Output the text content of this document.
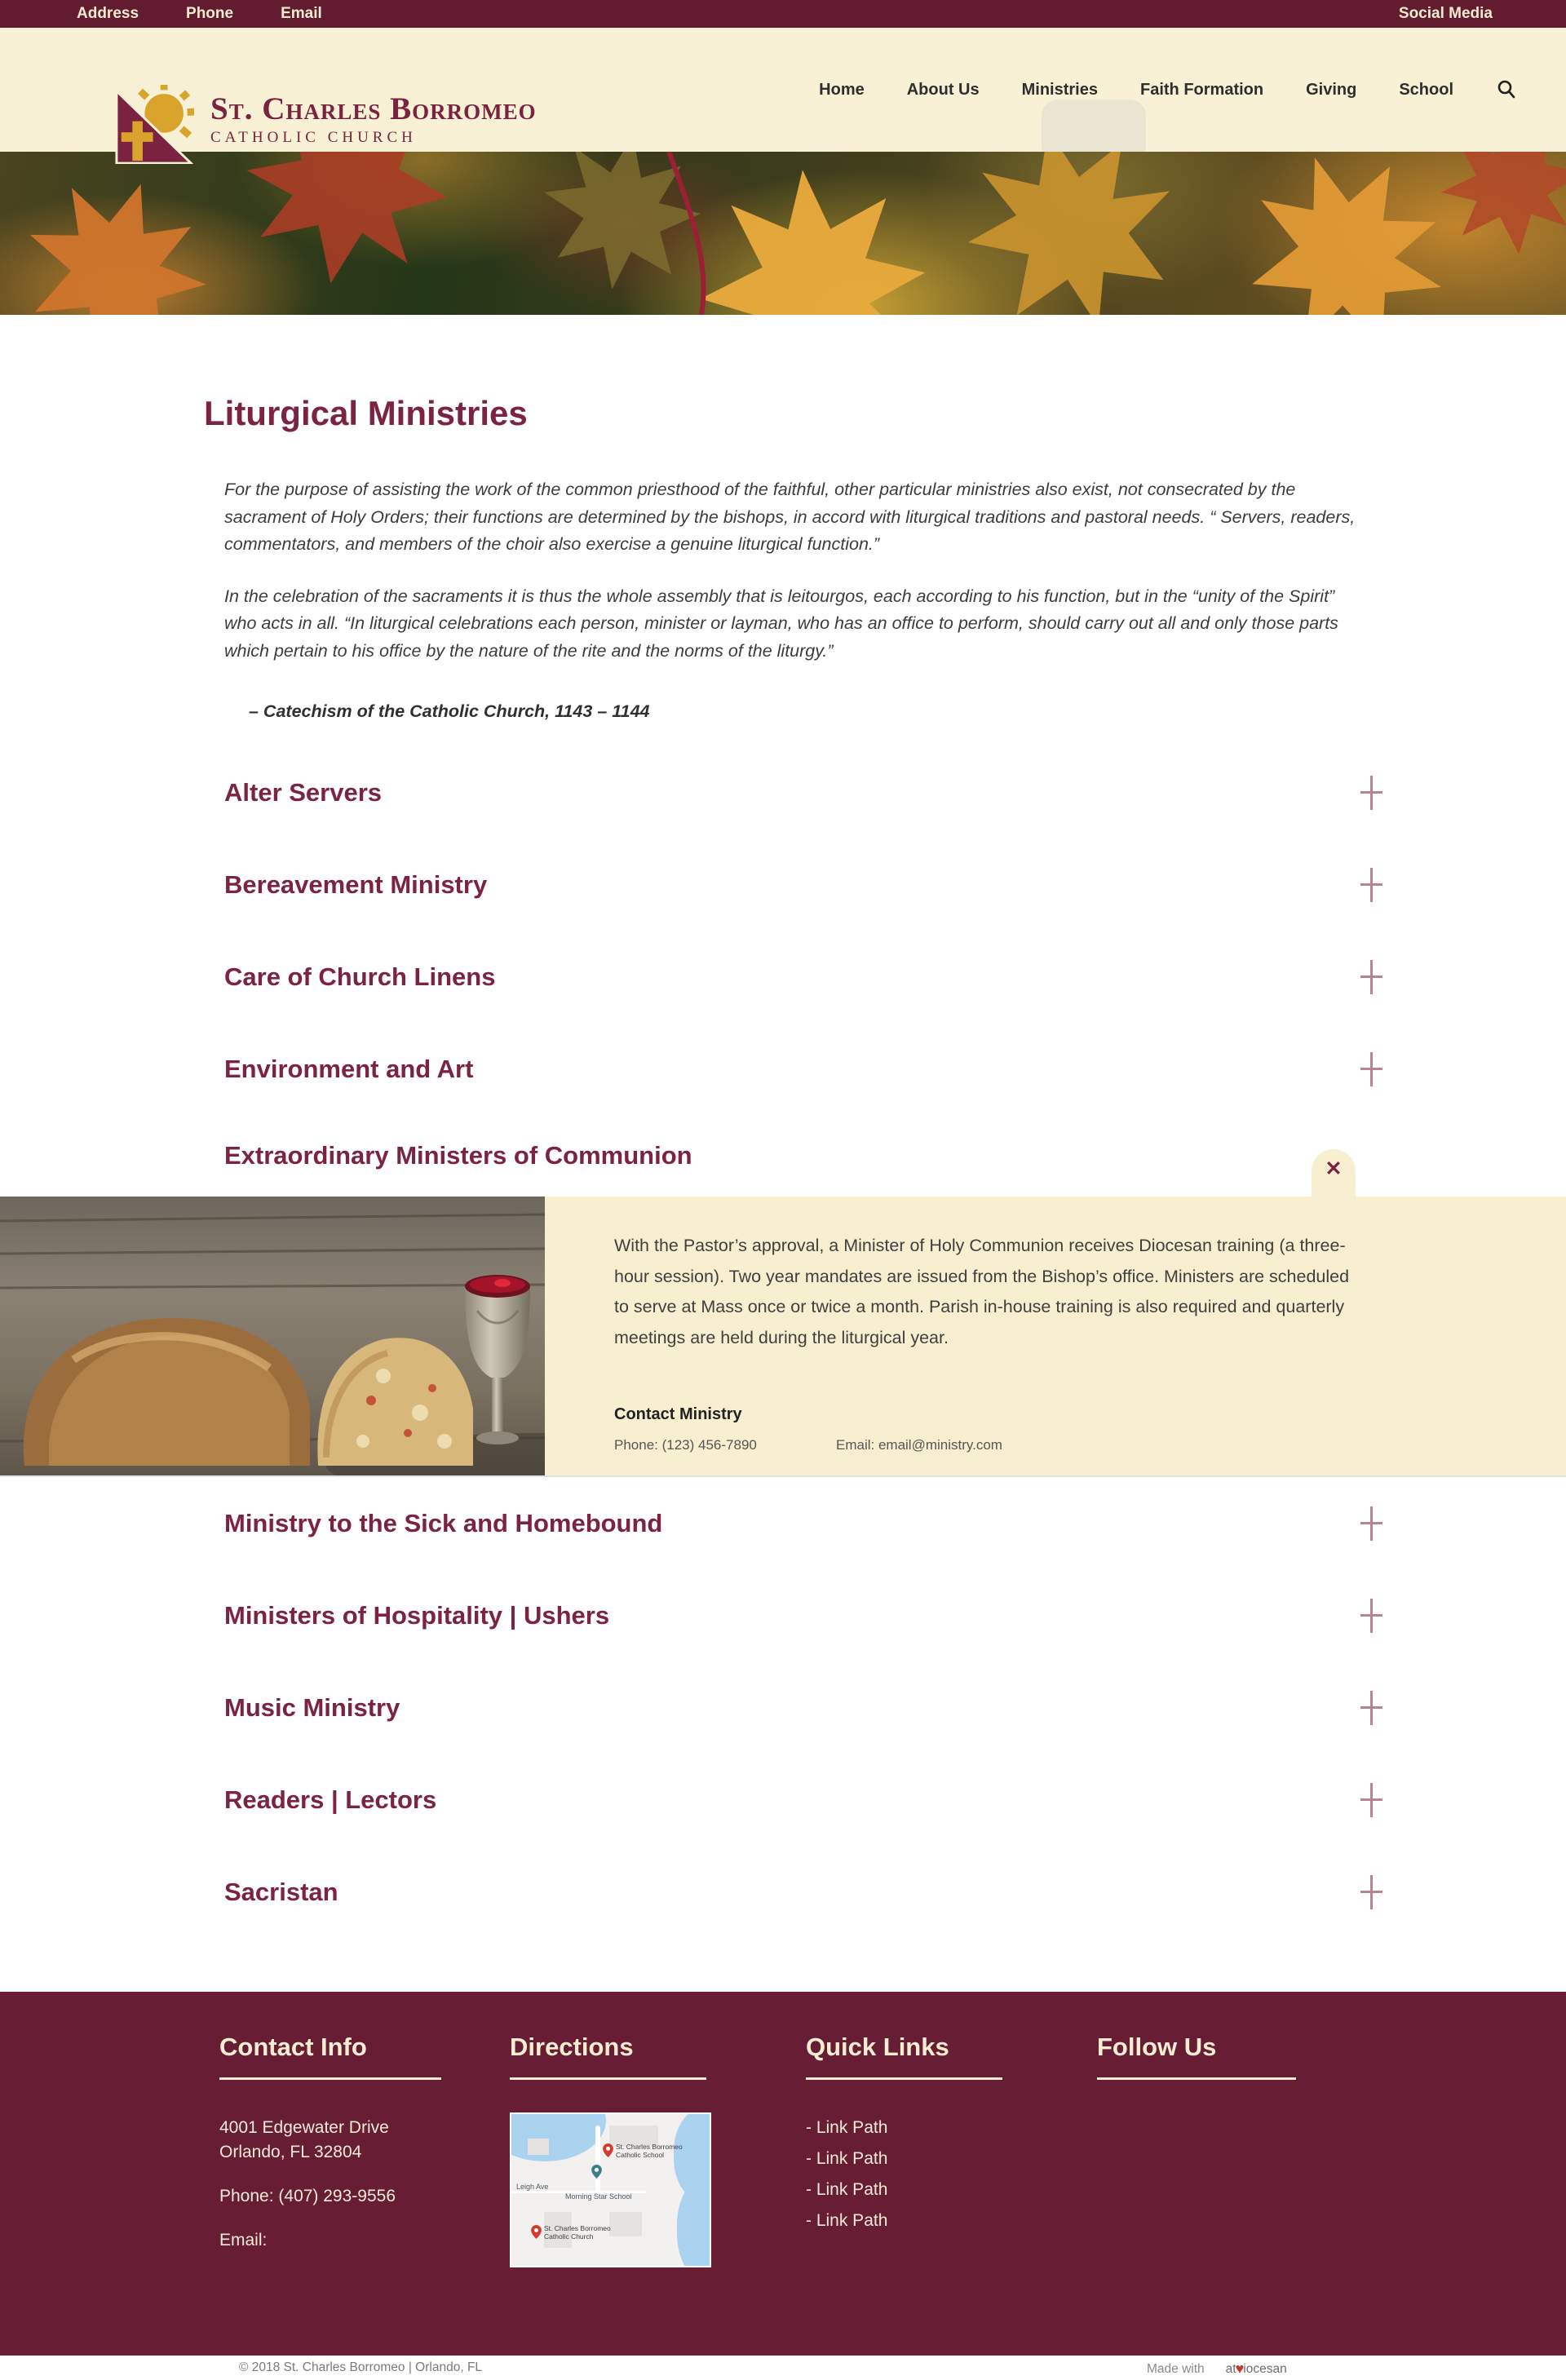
Address	Phone	Email	Social Media
St. Charles Borromeo
CATHOLIC CHURCH
Home	About Us	Ministries	Faith Formation	Giving	School
Liturgical Ministries

For the purpose of assisting the work of the common priesthood of the faithful, other particular ministries also exist, not consecrated by the sacrament of Holy Orders; their functions are determined by the bishops, in accord with liturgical traditions and pastoral needs. “ Servers, readers, commentators, and members of the choir also exercise a genuine liturgical function.”

In the celebration of the sacraments it is thus the whole assembly that is leitourgos, each according to his function, but in the “unity of the Spirit” who acts in all. “In liturgical celebrations each person, minister or layman, who has an office to perform, should carry out all and only those parts which pertain to his office by the nature of the rite and the norms of the liturgy.”

– Catechism of the Catholic Church, 1143 – 1144

Alter Servers
Bereavement Ministry
Care of Church Linens
Environment and Art
Extraordinary Ministers of Communion	✕
With the Pastor’s approval, a Minister of Holy Communion receives Diocesan training (a three-hour session). Two year mandates are issued from the Bishop’s office. Ministers are scheduled to serve at Mass once or twice a month. Parish in-house training is also required and quarterly meetings are held during the liturgical year.
Contact Ministry
Phone: (123) 456-7890	Email: email@ministry.com
Ministry to the Sick and Homebound
Ministers of Hospitality | Ushers
Music Ministry
Readers | Lectors
Sacristan
Contact Info
4001 Edgewater Drive
Orlando, FL 32804
Phone: (407) 293-9556
Email:
Directions
Leigh Ave
St. Charles Borromeo
Catholic School
Morning Star School
St. Charles Borromeo
Catholic Church
Quick Links
- Link Path
- Link Path
- Link Path
- Link Path
Follow Us
© 2018 St. Charles Borromeo | Orlando, FL	Made with at ♥ iocesan
